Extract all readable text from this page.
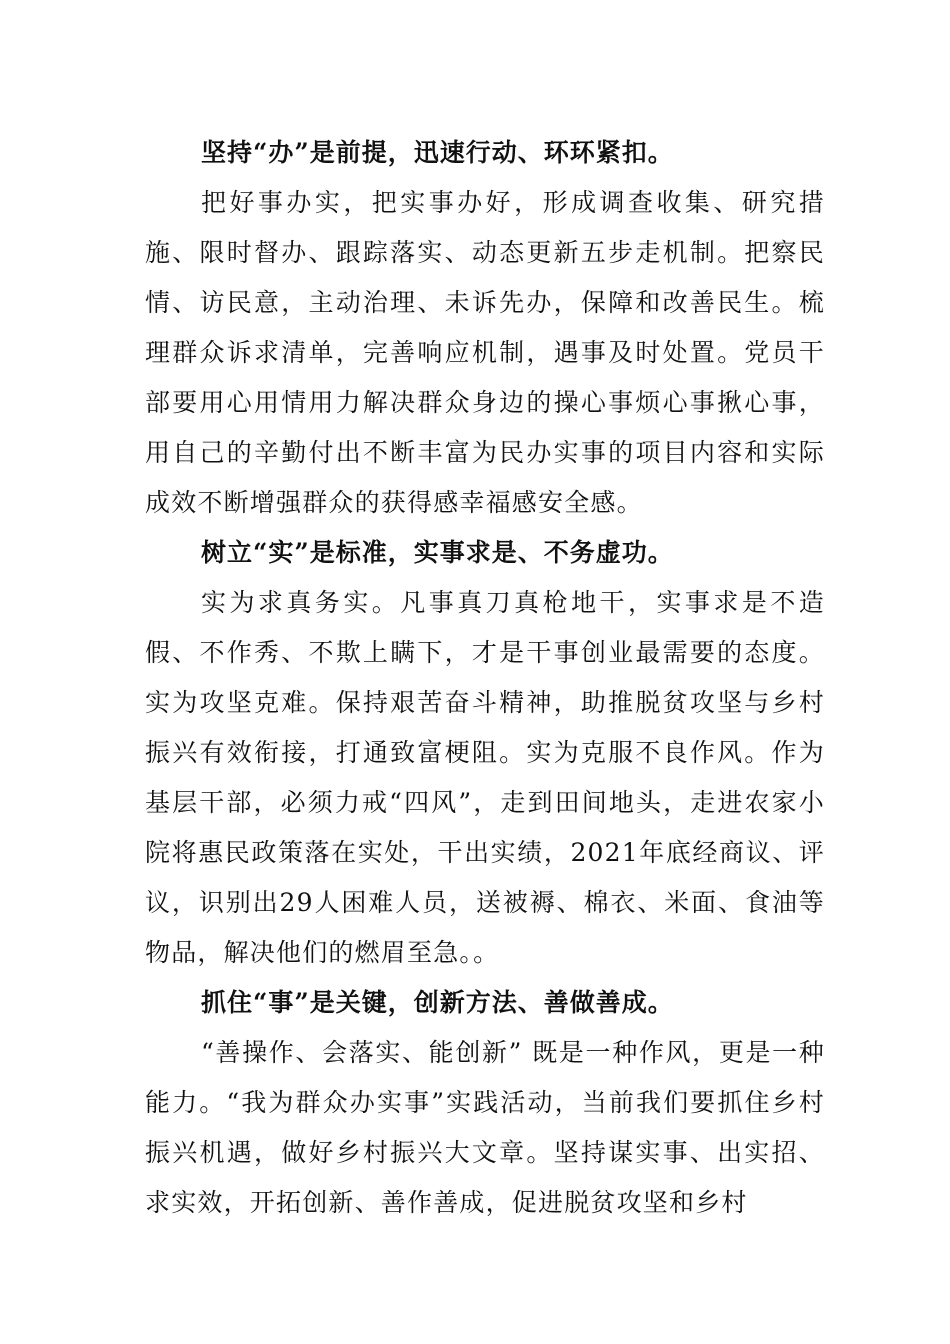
坚持“办”是前提，迅速行动、环环紧扣。

把好事办实，把实事办好，形成调查收集、研究措施、限时督办、跟踪落实、动态更新五步走机制。把察民情、访民意，主动治理、未诉先办，保障和改善民生。梳理群众诉求清单，完善响应机制，遇事及时处置。党员干部要用心用情用力解决群众身边的操心事烦心事揪心事，用自己的辛勤付出不断丰富为民办实事的项目内容和实际成效不断增强群众的获得感幸福感安全感。

树立“实”是标准，实事求是、不务虚功。

实为求真务实。凡事真刀真枪地干，实事求是不造假、不作秀、不欺上瞒下，才是干事创业最需要的态度。实为攻坚克难。保持艰苦奋斗精神，助推脱贫攻坚与乡村振兴有效衔接，打通致富梗阻。实为克服不良作风。作为基层干部，必须力戒“四风”，走到田间地头，走进农家小院将惠民政策落在实处，干出实绩，2021年底经商议、评议，识别出29人困难人员，送被褥、棉衣、米面、食油等物品，解决他们的燃眉至急。。

抓住“事”是关键，创新方法、善做善成。

“善操作、会落实、能创新” 既是一种作风，更是一种能力。“我为群众办实事”实践活动，当前我们要抓住乡村振兴机遇，做好乡村振兴大文章。坚持谋实事、出实招、求实效，开拓创新、善作善成，促进脱贫攻坚和乡村
